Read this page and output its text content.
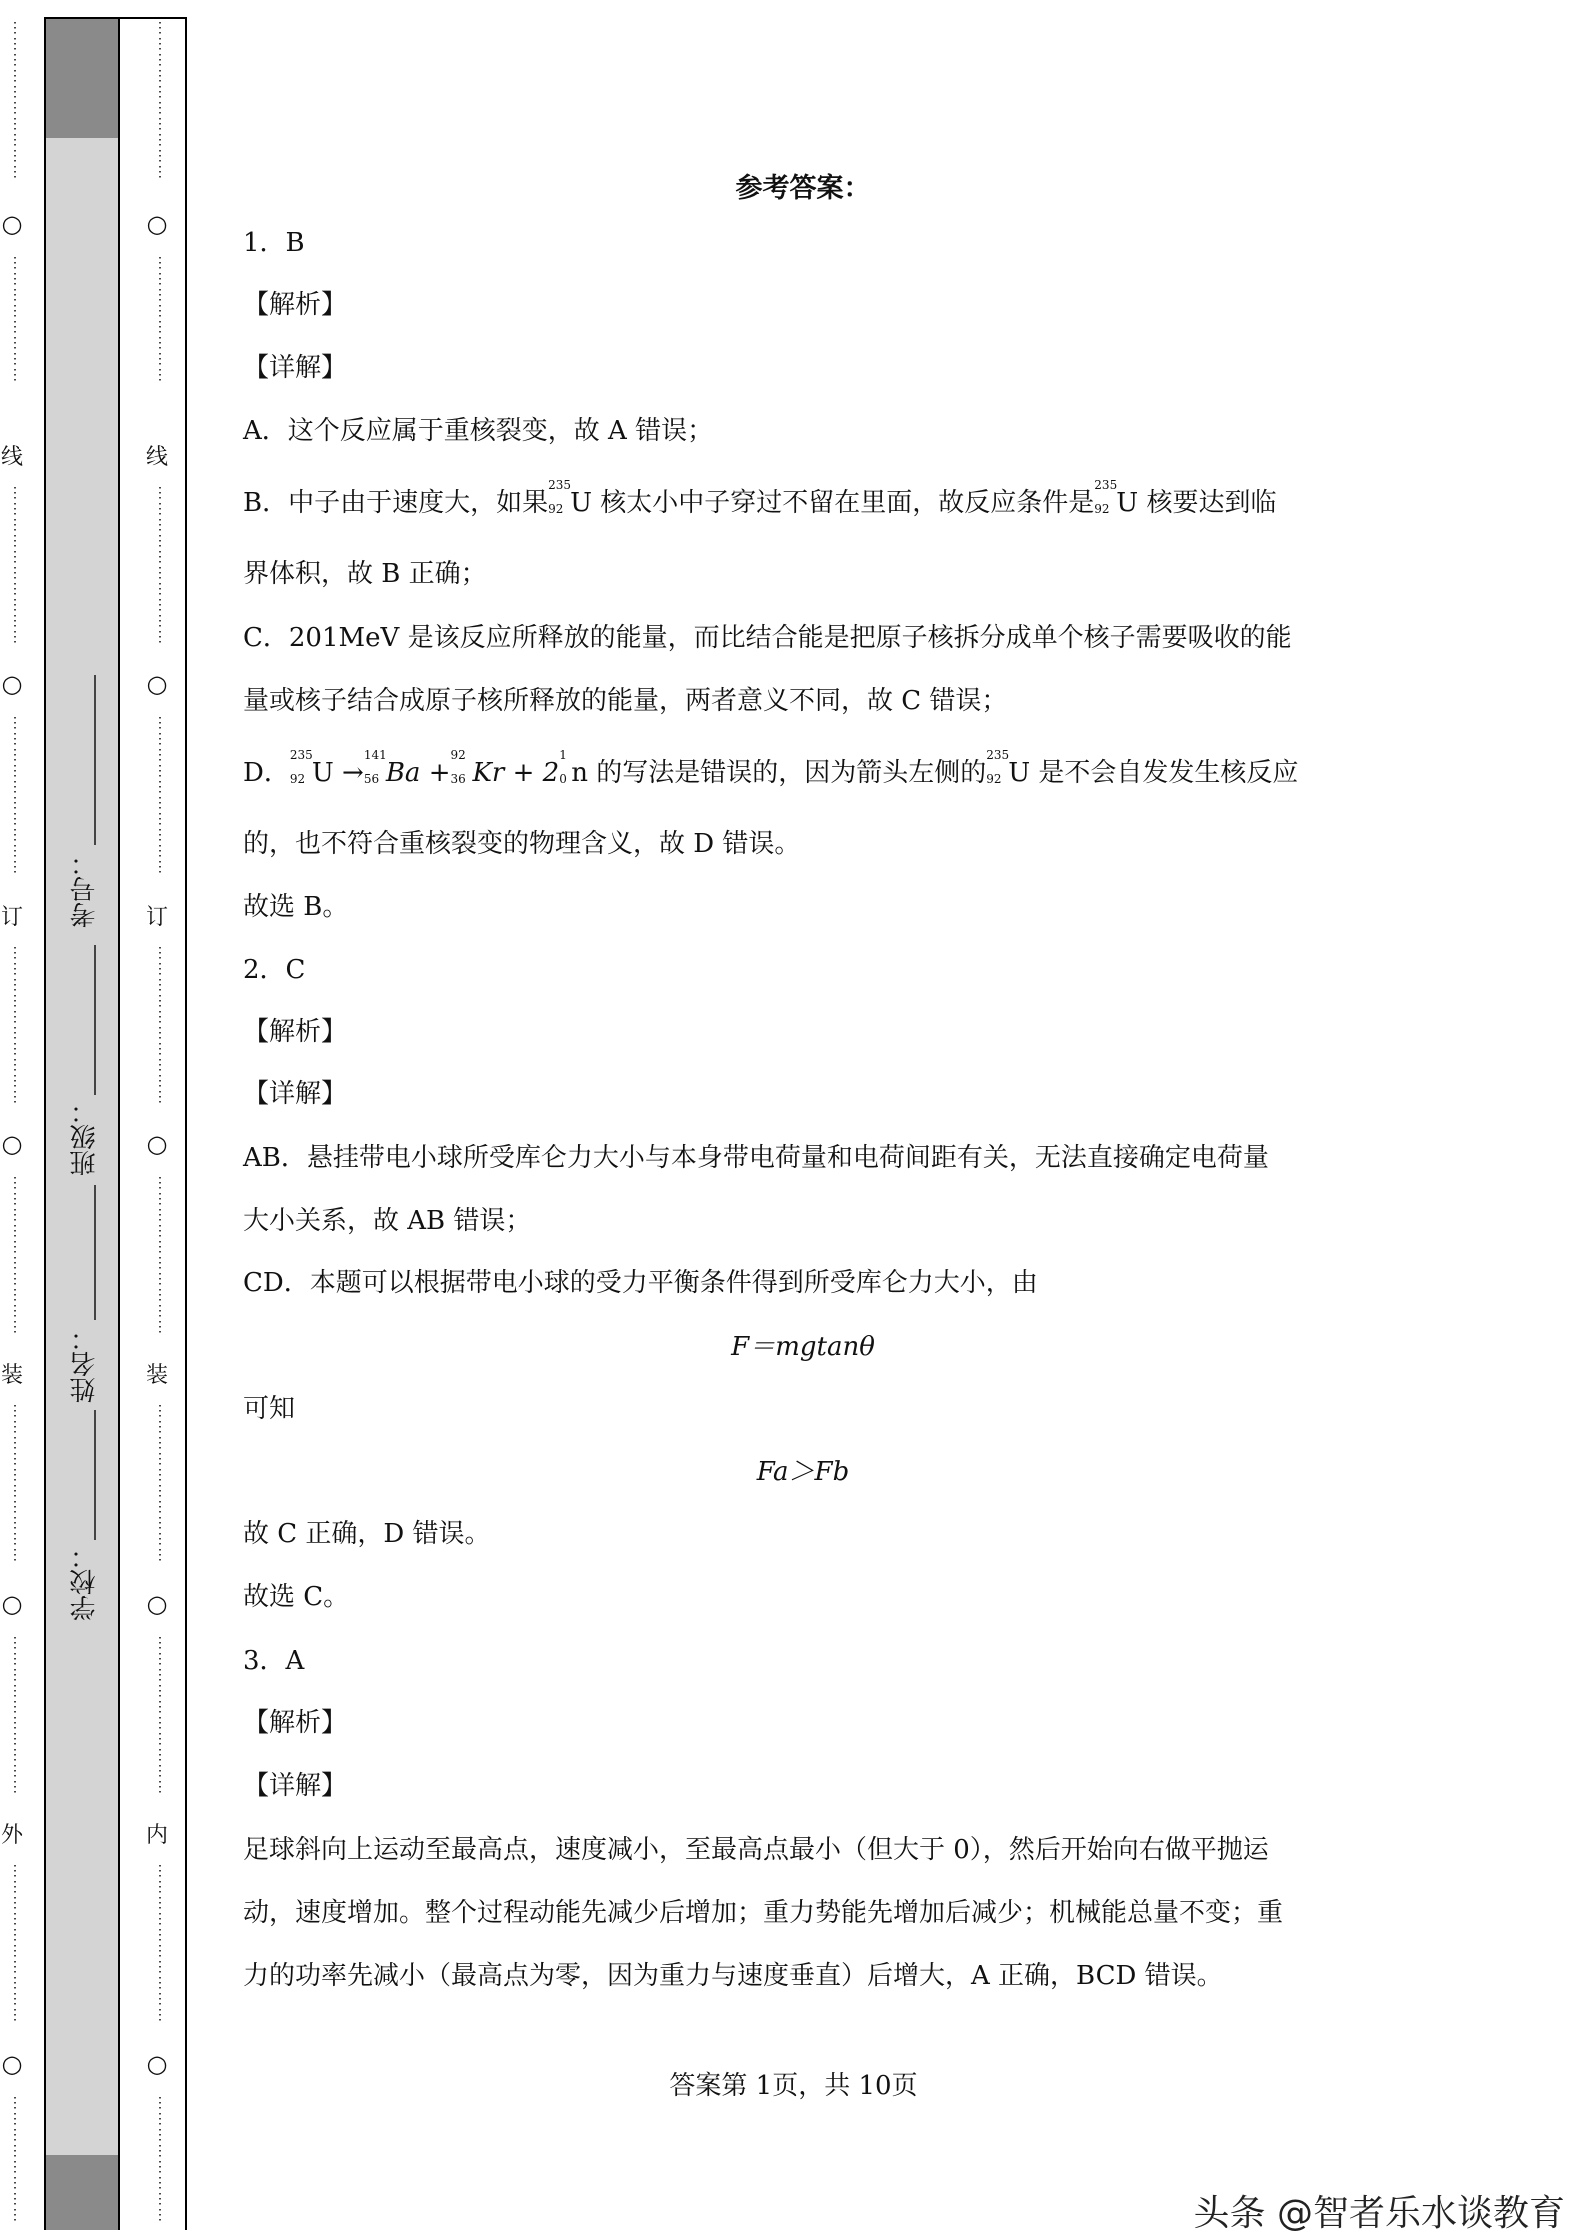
⋮
⋮
⋮
⋮
⋮
⋮
⋮
⋮
⋮
⋮
○
⋮
⋮
⋮
⋮
⋮
⋮
⋮
⋮
线
⋮
⋮
⋮
⋮
⋮
⋮
⋮
⋮
⋮
⋮
○
⋮
⋮
⋮
⋮
⋮
⋮
⋮
⋮
⋮
⋮
订
⋮
⋮
⋮
⋮
⋮
⋮
⋮
⋮
⋮
⋮
○
⋮
⋮
⋮
⋮
⋮
⋮
⋮
⋮
⋮
⋮
装
⋮
⋮
⋮
⋮
⋮
⋮
⋮
⋮
⋮
⋮
○
⋮
⋮
⋮
⋮
⋮
⋮
⋮
⋮
⋮
⋮
外
⋮
⋮
⋮
⋮
⋮
⋮
⋮
⋮
⋮
⋮
○
⋮
⋮
⋮
⋮
⋮
⋮
⋮
⋮
考号：
班级：
姓名：
学校：
⋮
⋮
⋮
⋮
⋮
⋮
⋮
⋮
⋮
⋮
○
⋮
⋮
⋮
⋮
⋮
⋮
⋮
⋮
线
⋮
⋮
⋮
⋮
⋮
⋮
⋮
⋮
⋮
⋮
○
⋮
⋮
⋮
⋮
⋮
⋮
⋮
⋮
⋮
⋮
订
⋮
⋮
⋮
⋮
⋮
⋮
⋮
⋮
⋮
⋮
○
⋮
⋮
⋮
⋮
⋮
⋮
⋮
⋮
⋮
⋮
装
⋮
⋮
⋮
⋮
⋮
⋮
⋮
⋮
⋮
⋮
○
⋮
⋮
⋮
⋮
⋮
⋮
⋮
⋮
⋮
⋮
内
⋮
⋮
⋮
⋮
⋮
⋮
⋮
⋮
⋮
⋮
○
⋮
⋮
⋮
⋮
⋮
⋮
⋮
⋮
参考答案：
1．B
【解析】
【详解】
A．这个反应属于重核裂变，故 A 错误；
B．中子由于速度大，如果
235
92 U 核太小中子穿过不留在里面，故反应条件是
235
92 U 核要达到临
界体积，故 B 正确；
C．201MeV 是该反应所释放的能量，而比结合能是把原子核拆分成单个核子需要吸收的能
量或核子结合成原子核所释放的能量，两者意义不同，故 C 错误；
D．
235
92 U →
141
56 Ba +
92
36 Kr + 2
1
0 n 的写法是错误的，因为箭头左侧的
235
92 U 是不会自发发生核反应
的，也不符合重核裂变的物理含义，故 D 错误。
故选 B。
2．C
【解析】
【详解】
AB．悬挂带电小球所受库仑力大小与本身带电荷量和电荷间距有关，无法直接确定电荷量
大小关系，故 AB 错误；
CD．本题可以根据带电小球的受力平衡条件得到所受库仑力大小，由
F＝mgtanθ
可知
Fa＞Fb
故 C 正确，D 错误。
故选 C。
3．A
【解析】
【详解】
足球斜向上运动至最高点，速度减小，至最高点最小（但大于 0），然后开始向右做平抛运
动，速度增加。整个过程动能先减少后增加；重力势能先增加后减少；机械能总量不变；重
力的功率先减小（最高点为零，因为重力与速度垂直）后增大，A 正确，BCD 错误。
答案第 1页，共 10页
头条 @智者乐水谈教育
